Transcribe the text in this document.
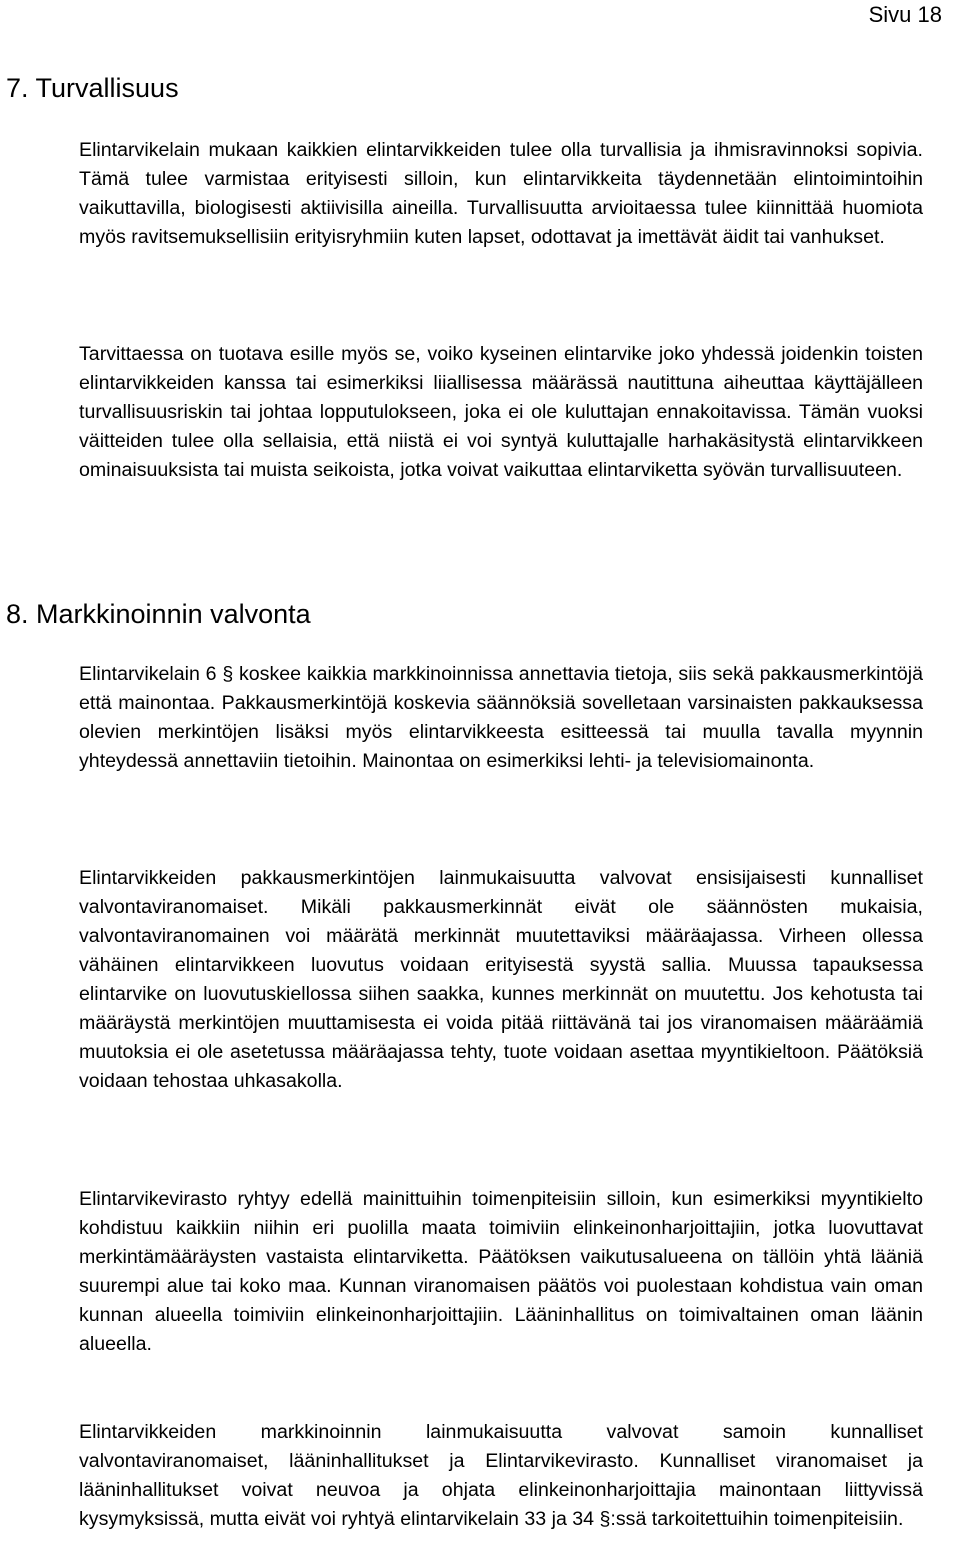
Sivu 18
7. Turvallisuus

Elintarvikelain mukaan kaikkien elintarvikkeiden tulee olla turvallisia ja ihmisravinnoksi sopivia. Tämä tulee varmistaa erityisesti silloin, kun elintarvikkeita täydennetään elintoimintoihin vaikuttavilla, biologisesti aktiivisilla aineilla. Turvallisuutta arvioitaessa tulee kiinnittää huomiota myös ravitsemuksellisiin erityisryhmiin kuten lapset, odottavat ja imettävät äidit tai vanhukset.

Tarvittaessa on tuotava esille myös se, voiko kyseinen elintarvike joko yhdessä joidenkin toisten elintarvikkeiden kanssa tai esimerkiksi liiallisessa määrässä nautittuna aiheuttaa käyttäjälleen turvallisuusriskin tai johtaa lopputulokseen, joka ei ole kuluttajan ennakoitavissa. Tämän vuoksi väitteiden tulee olla sellaisia, että niistä ei voi syntyä kuluttajalle harhakäsitystä elintarvikkeen ominaisuuksista tai muista seikoista, jotka voivat vaikuttaa elintarviketta syövän turvallisuuteen.

8. Markkinoinnin valvonta

Elintarvikelain 6 § koskee kaikkia markkinoinnissa annettavia tietoja, siis sekä pakkausmerkintöjä että mainontaa. Pakkausmerkintöjä koskevia säännöksiä sovelletaan varsinaisten pakkauksessa olevien merkintöjen lisäksi myös elintarvikkeesta esitteessä tai muulla tavalla myynnin yhteydessä annettaviin tietoihin. Mainontaa on esimerkiksi lehti- ja televisiomainonta.

Elintarvikkeiden pakkausmerkintöjen lainmukaisuutta valvovat ensisijaisesti kunnalliset valvontaviranomaiset. Mikäli pakkausmerkinnät eivät ole säännösten mukaisia, valvontaviranomainen voi määrätä merkinnät muutettaviksi määräajassa. Virheen ollessa vähäinen elintarvikkeen luovutus voidaan erityisestä syystä sallia. Muussa tapauksessa elintarvike on luovutuskiellossa siihen saakka, kunnes merkinnät on muutettu. Jos kehotusta tai määräystä merkintöjen muuttamisesta ei voida pitää riittävänä tai jos viranomaisen määräämiä muutoksia ei ole asetetussa määräajassa tehty, tuote voidaan asettaa myyntikieltoon. Päätöksiä voidaan tehostaa uhkasakolla.

Elintarvikevirasto ryhtyy edellä mainittuihin toimenpiteisiin silloin, kun esimerkiksi myyntikielto kohdistuu kaikkiin niihin eri puolilla maata toimiviin elinkeinonharjoittajiin, jotka luovuttavat merkintämääräysten vastaista elintarviketta. Päätöksen vaikutusalueena on tällöin yhtä lääniä suurempi alue tai koko maa. Kunnan viranomaisen päätös voi puolestaan kohdistua vain oman kunnan alueella toimiviin elinkeinonharjoittajiin. Lääninhallitus on toimivaltainen oman läänin alueella.

Elintarvikkeiden markkinoinnin lainmukaisuutta valvovat samoin kunnalliset valvontaviranomaiset, lääninhallitukset ja Elintarvikevirasto. Kunnalliset viranomaiset ja lääninhallitukset voivat neuvoa ja ohjata elinkeinonharjoittajia mainontaan liittyvissä kysymyksissä, mutta eivät voi ryhtyä elintarvikelain 33 ja 34 §:ssä tarkoitettuihin toimenpiteisiin.
